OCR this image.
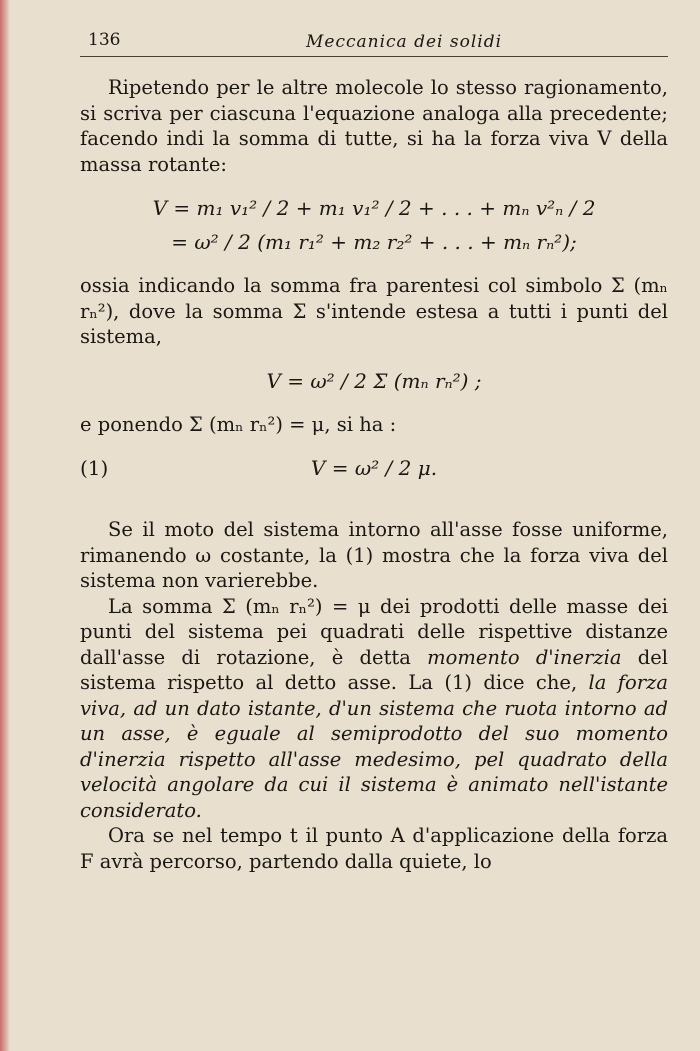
136	Meccanica dei solidi

Ripetendo per le altre molecole lo stesso ragionamento, si scriva per ciascuna l'equazione analoga alla precedente; facendo indi la somma di tutte, si ha la forza viva V della massa rotante:

V = m₁ v₁² / 2 + m₁ v₁² / 2 + . . . + mₙ v²ₙ / 2
= ω² / 2 (m₁ r₁² + m₂ r₂² + . . . + mₙ rₙ²);

ossia indicando la somma fra parentesi col simbolo Σ (mₙ rₙ²), dove la somma Σ s'intende estesa a tutti i punti del sistema,

V = ω² / 2 Σ (mₙ rₙ²) ;

e ponendo Σ (mₙ rₙ²) = μ, si ha :

(1)	V = ω² / 2 μ.

Se il moto del sistema intorno all'asse fosse uniforme, rimanendo ω costante, la (1) mostra che la forza viva del sistema non varierebbe.

La somma Σ (mₙ rₙ²) = μ dei prodotti delle masse dei punti del sistema pei quadrati delle rispettive distanze dall'asse di rotazione, è detta momento d'inerzia del sistema rispetto al detto asse. La (1) dice che, la forza viva, ad un dato istante, d'un sistema che ruota intorno ad un asse, è eguale al semiprodotto del suo momento d'inerzia rispetto all'asse medesimo, pel quadrato della velocità angolare da cui il sistema è animato nell'istante considerato.

Ora se nel tempo t il punto A d'applicazione della forza F avrà percorso, partendo dalla quiete, lo
